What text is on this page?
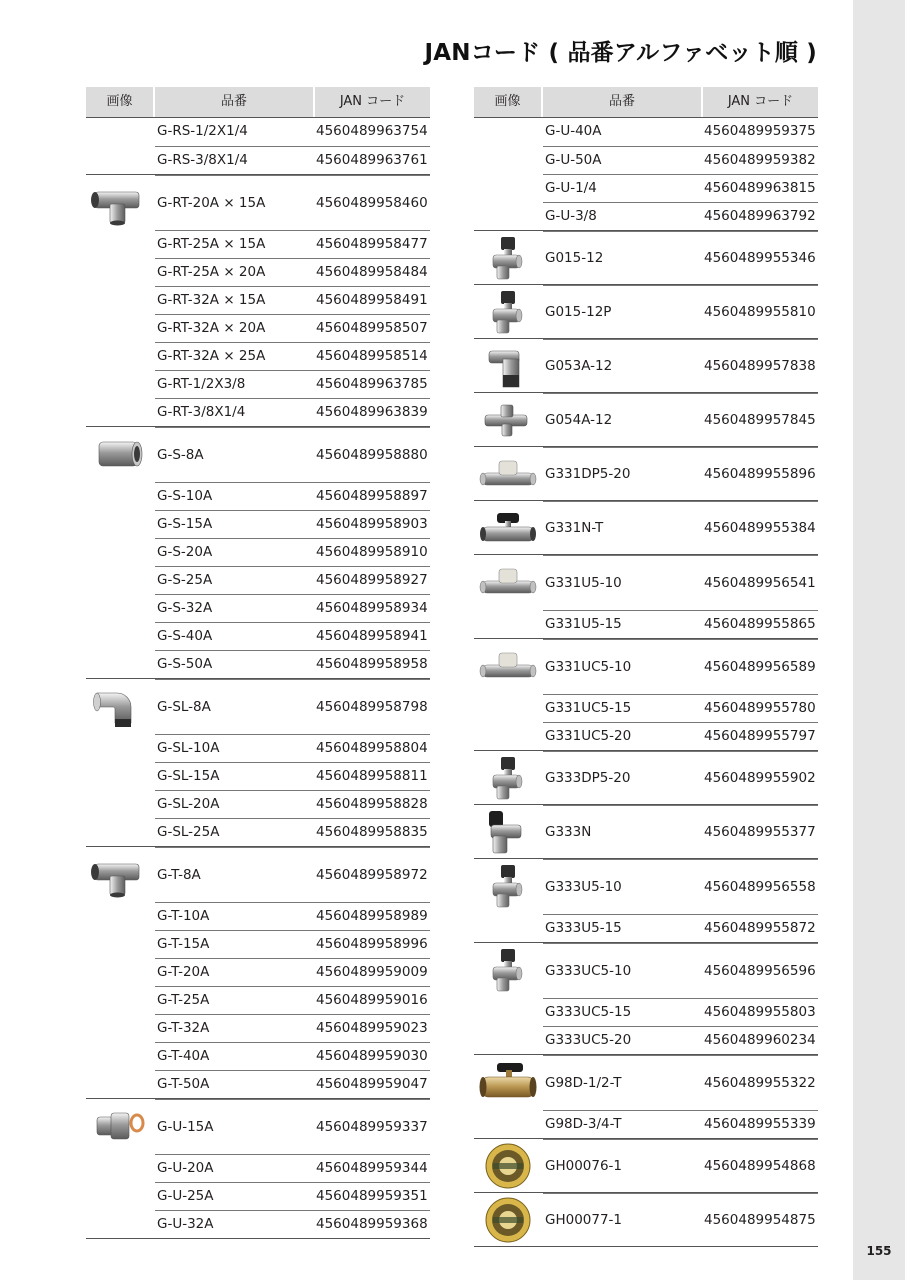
155
JANコード ( 品番アルファベット順 )
画像	品番	JAN コード
G-RS-1/2X1/4	4560489963754
G-RS-3/8X1/4	4560489963761
G-RT-20A × 15A	4560489958460
G-RT-25A × 15A	4560489958477
G-RT-25A × 20A	4560489958484
G-RT-32A × 15A	4560489958491
G-RT-32A × 20A	4560489958507
G-RT-32A × 25A	4560489958514
G-RT-1/2X3/8	4560489963785
G-RT-3/8X1/4	4560489963839
G-S-8A	4560489958880
G-S-10A	4560489958897
G-S-15A	4560489958903
G-S-20A	4560489958910
G-S-25A	4560489958927
G-S-32A	4560489958934
G-S-40A	4560489958941
G-S-50A	4560489958958
G-SL-8A	4560489958798
G-SL-10A	4560489958804
G-SL-15A	4560489958811
G-SL-20A	4560489958828
G-SL-25A	4560489958835
G-T-8A	4560489958972
G-T-10A	4560489958989
G-T-15A	4560489958996
G-T-20A	4560489959009
G-T-25A	4560489959016
G-T-32A	4560489959023
G-T-40A	4560489959030
G-T-50A	4560489959047
G-U-15A	4560489959337
G-U-20A	4560489959344
G-U-25A	4560489959351
G-U-32A	4560489959368
画像	品番	JAN コード
G-U-40A	4560489959375
G-U-50A	4560489959382
G-U-1/4	4560489963815
G-U-3/8	4560489963792
G015-12	4560489955346
G015-12P	4560489955810
G053A-12	4560489957838
G054A-12	4560489957845
G331DP5-20	4560489955896
G331N-T	4560489955384
G331U5-10	4560489956541
G331U5-15	4560489955865
G331UC5-10	4560489956589
G331UC5-15	4560489955780
G331UC5-20	4560489955797
G333DP5-20	4560489955902
G333N	4560489955377
G333U5-10	4560489956558
G333U5-15	4560489955872
G333UC5-10	4560489956596
G333UC5-15	4560489955803
G333UC5-20	4560489960234
G98D-1/2-T	4560489955322
G98D-3/4-T	4560489955339
GH00076-1	4560489954868
GH00077-1	4560489954875
